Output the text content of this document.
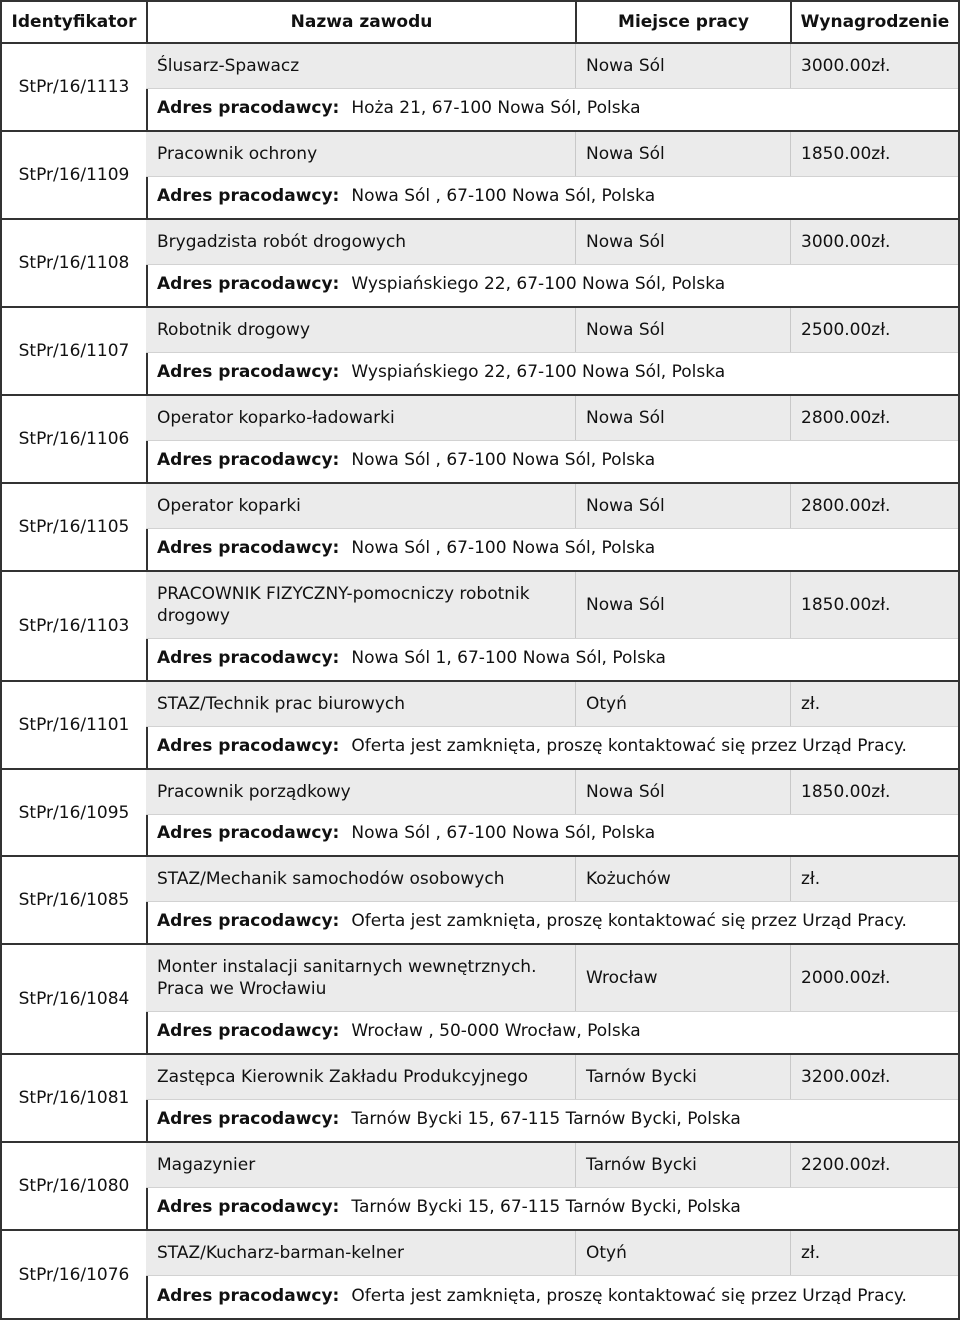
Identyfikator	Nazwa zawodu	Miejsce pracy	Wynagrodzenie
StPr/16/1113
Ślusarz-Spawacz	Nowa Sól	3000.00zł.
Adres pracodawcy: Hoża 21, 67-100 Nowa Sól, Polska
StPr/16/1109
Pracownik ochrony	Nowa Sól	1850.00zł.
Adres pracodawcy: Nowa Sól , 67-100 Nowa Sól, Polska
StPr/16/1108
Brygadzista robót drogowych	Nowa Sól	3000.00zł.
Adres pracodawcy: Wyspiańskiego 22, 67-100 Nowa Sól, Polska
StPr/16/1107
Robotnik drogowy	Nowa Sól	2500.00zł.
Adres pracodawcy: Wyspiańskiego 22, 67-100 Nowa Sól, Polska
StPr/16/1106
Operator koparko-ładowarki	Nowa Sól	2800.00zł.
Adres pracodawcy: Nowa Sól , 67-100 Nowa Sól, Polska
StPr/16/1105
Operator koparki	Nowa Sól	2800.00zł.
Adres pracodawcy: Nowa Sól , 67-100 Nowa Sól, Polska
StPr/16/1103
PRACOWNIK FIZYCZNY-pomocniczy robotnik drogowy
Nowa Sól	1850.00zł.
Adres pracodawcy: Nowa Sól 1, 67-100 Nowa Sól, Polska
StPr/16/1101
STAZ/Technik prac biurowych	Otyń	zł.
Adres pracodawcy: Oferta jest zamknięta, proszę kontaktować się przez Urząd Pracy.
StPr/16/1095
Pracownik porządkowy	Nowa Sól	1850.00zł.
Adres pracodawcy: Nowa Sól , 67-100 Nowa Sól, Polska
StPr/16/1085
STAZ/Mechanik samochodów osobowych	Kożuchów	zł.
Adres pracodawcy: Oferta jest zamknięta, proszę kontaktować się przez Urząd Pracy.
StPr/16/1084
Monter instalacji sanitarnych wewnętrznych. Praca we Wrocławiu
Wrocław	2000.00zł.
Adres pracodawcy: Wrocław , 50-000 Wrocław, Polska
StPr/16/1081
Zastępca Kierownik Zakładu Produkcyjnego	Tarnów Bycki	3200.00zł.
Adres pracodawcy: Tarnów Bycki 15, 67-115 Tarnów Bycki, Polska
StPr/16/1080
Magazynier	Tarnów Bycki	2200.00zł.
Adres pracodawcy: Tarnów Bycki 15, 67-115 Tarnów Bycki, Polska
StPr/16/1076
STAZ/Kucharz-barman-kelner	Otyń	zł.
Adres pracodawcy: Oferta jest zamknięta, proszę kontaktować się przez Urząd Pracy.
